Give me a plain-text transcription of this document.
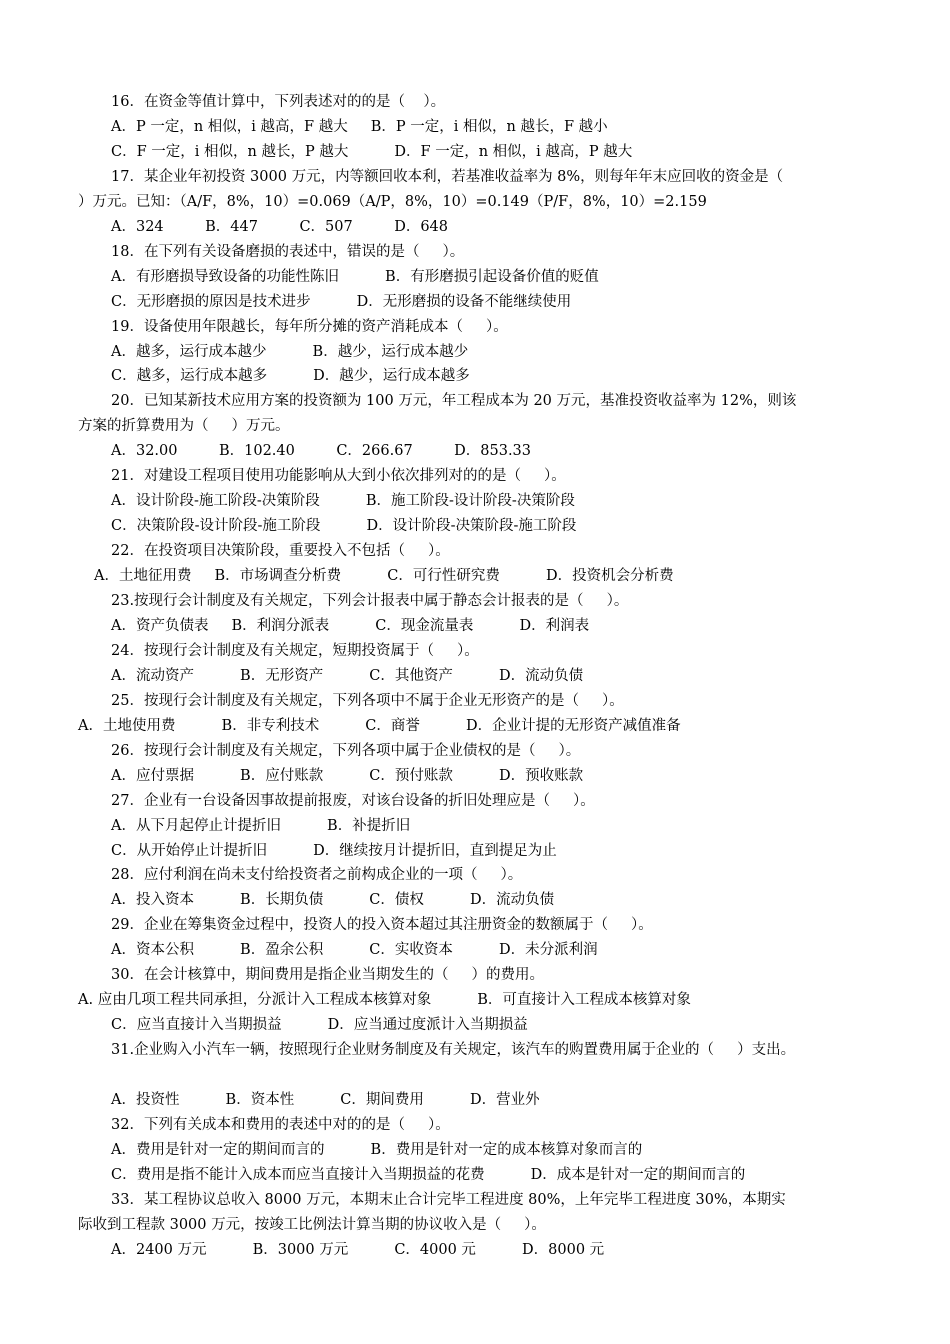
16．在资金等值计算中，下列表述对的的是（    ）。
A．P 一定，n 相似，i 越高，F 越大     B．P 一定，i 相似，n 越长，F 越小
C．F 一定，i 相似，n 越长，P 越大          D．F 一定，n 相似，i 越高，P 越大
17．某企业年初投资 3000 万元，内等额回收本利，若基准收益率为 8%，则每年年末应回收的资金是（
）万元。已知：（A/F，8%，10）=0.069（A/P，8%，10）=0.149（P/F，8%，10）=2.159
A．324         B．447         C．507         D．648
18．在下列有关设备磨损的表述中，错误的是（     ）。
A．有形磨损导致设备的功能性陈旧          B．有形磨损引起设备价值的贬值
C．无形磨损的原因是技术进步          D．无形磨损的设备不能继续使用
19．设备使用年限越长，每年所分摊的资产消耗成本（     ）。
A．越多，运行成本越少          B．越少，运行成本越少
C．越多，运行成本越多          D．越少，运行成本越多
20．已知某新技术应用方案的投资额为 100 万元，年工程成本为 20 万元，基准投资收益率为 12%，则该
方案的折算费用为（     ）万元。
A．32.00         B．102.40         C．266.67         D．853.33
21．对建设工程项目使用功能影响从大到小依次排列对的的是（     ）。
A．设计阶段-施工阶段-决策阶段          B．施工阶段-设计阶段-决策阶段
C．决策阶段-设计阶段-施工阶段          D．设计阶段-决策阶段-施工阶段
22．在投资项目决策阶段，重要投入不包括（     ）。
A．土地征用费     B．市场调查分析费          C．可行性研究费          D．投资机会分析费
23.按现行会计制度及有关规定，下列会计报表中属于静态会计报表的是（     ）。
A．资产负债表     B．利润分派表          C．现金流量表          D．利润表
24．按现行会计制度及有关规定，短期投资属于（     ）。
A．流动资产          B．无形资产          C．其他资产          D．流动负债
25．按现行会计制度及有关规定，下列各项中不属于企业无形资产的是（     ）。
A．土地使用费          B．非专利技术          C．商誉          D．企业计提的无形资产减值准备
26．按现行会计制度及有关规定，下列各项中属于企业债权的是（     ）。
A．应付票据          B．应付账款          C．预付账款          D．预收账款
27．企业有一台设备因事故提前报废，对该台设备的折旧处理应是（     ）。
A．从下月起停止计提折旧          B．补提折旧
C．从开始停止计提折旧          D．继续按月计提折旧，直到提足为止
28．应付利润在尚未支付给投资者之前构成企业的一项（     ）。
A．投入资本          B．长期负债          C．债权          D．流动负债
29．企业在筹集资金过程中，投资人的投入资本超过其注册资金的数额属于（     ）。
A．资本公积          B．盈余公积          C．实收资本          D．未分派利润
30．在会计核算中，期间费用是指企业当期发生的（     ）的费用。
A. 应由几项工程共同承担，分派计入工程成本核算对象          B．可直接计入工程成本核算对象
C．应当直接计入当期损益          D．应当通过度派计入当期损益
31.企业购入小汽车一辆，按照现行企业财务制度及有关规定，该汽车的购置费用属于企业的（     ）支出。
A．投资性          B．资本性          C．期间费用          D．营业外
32．下列有关成本和费用的表述中对的的是（     ）。
A．费用是针对一定的期间而言的          B．费用是针对一定的成本核算对象而言的
C．费用是指不能计入成本而应当直接计入当期损益的花费          D．成本是针对一定的期间而言的
33．某工程协议总收入 8000 万元，本期末止合计完毕工程进度 80%，上年完毕工程进度 30%，本期实
际收到工程款 3000 万元，按竣工比例法计算当期的协议收入是（     ）。
A．2400 万元          B．3000 万元          C．4000 元          D．8000 元
